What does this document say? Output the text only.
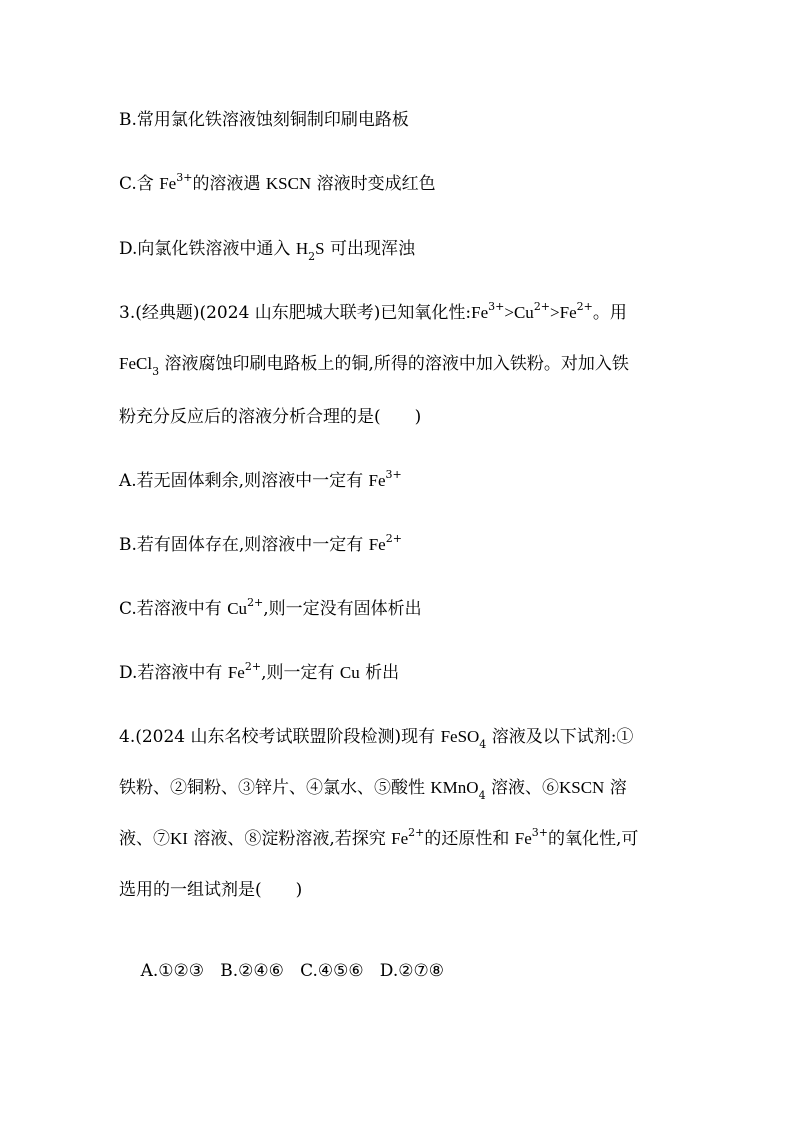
B.常用氯化铁溶液蚀刻铜制印刷电路板
C.含 $Fe^{3+}$的溶液遇 KSCN 溶液时变成红色
D.向氯化铁溶液中通入 $H_2S$ 可出现浑浊
3.(经典题)(2024 山东肥城大联考)已知氧化性$:Fe^{3+}>Cu^{2+}>Fe^{2+}$。用
FeCl$_3$ 溶液腐蚀印刷电路板上的铜,所得的溶液中加入铁粉。对加入铁
粉充分反应后的溶液分析合理的是( )
A.若无固体剩余,则溶液中一定有 $Fe^{3+}$
B.若有固体存在,则溶液中一定有 $Fe^{2+}$
C.若溶液中有 $Cu^{2+}$,则一定没有固体析出
D.若溶液中有 $Fe^{2+}$,则一定有 Cu 析出
4.(2024 山东名校考试联盟阶段检测)现有 FeSO$_4$ 溶液及以下试剂:①
铁粉、②铜粉、③锌片、④氯水、⑤酸性 KMnO$_4$ 溶液、⑥KSCN 溶
液、⑦KI 溶液、⑧淀粉溶液,若探究 $Fe^{2+}$的还原性和 $Fe^{3+}$的氧化性,可
选用的一组试剂是( )

A.①②③   B.②④⑥   C.④⑤⑥   D.②⑦⑧
